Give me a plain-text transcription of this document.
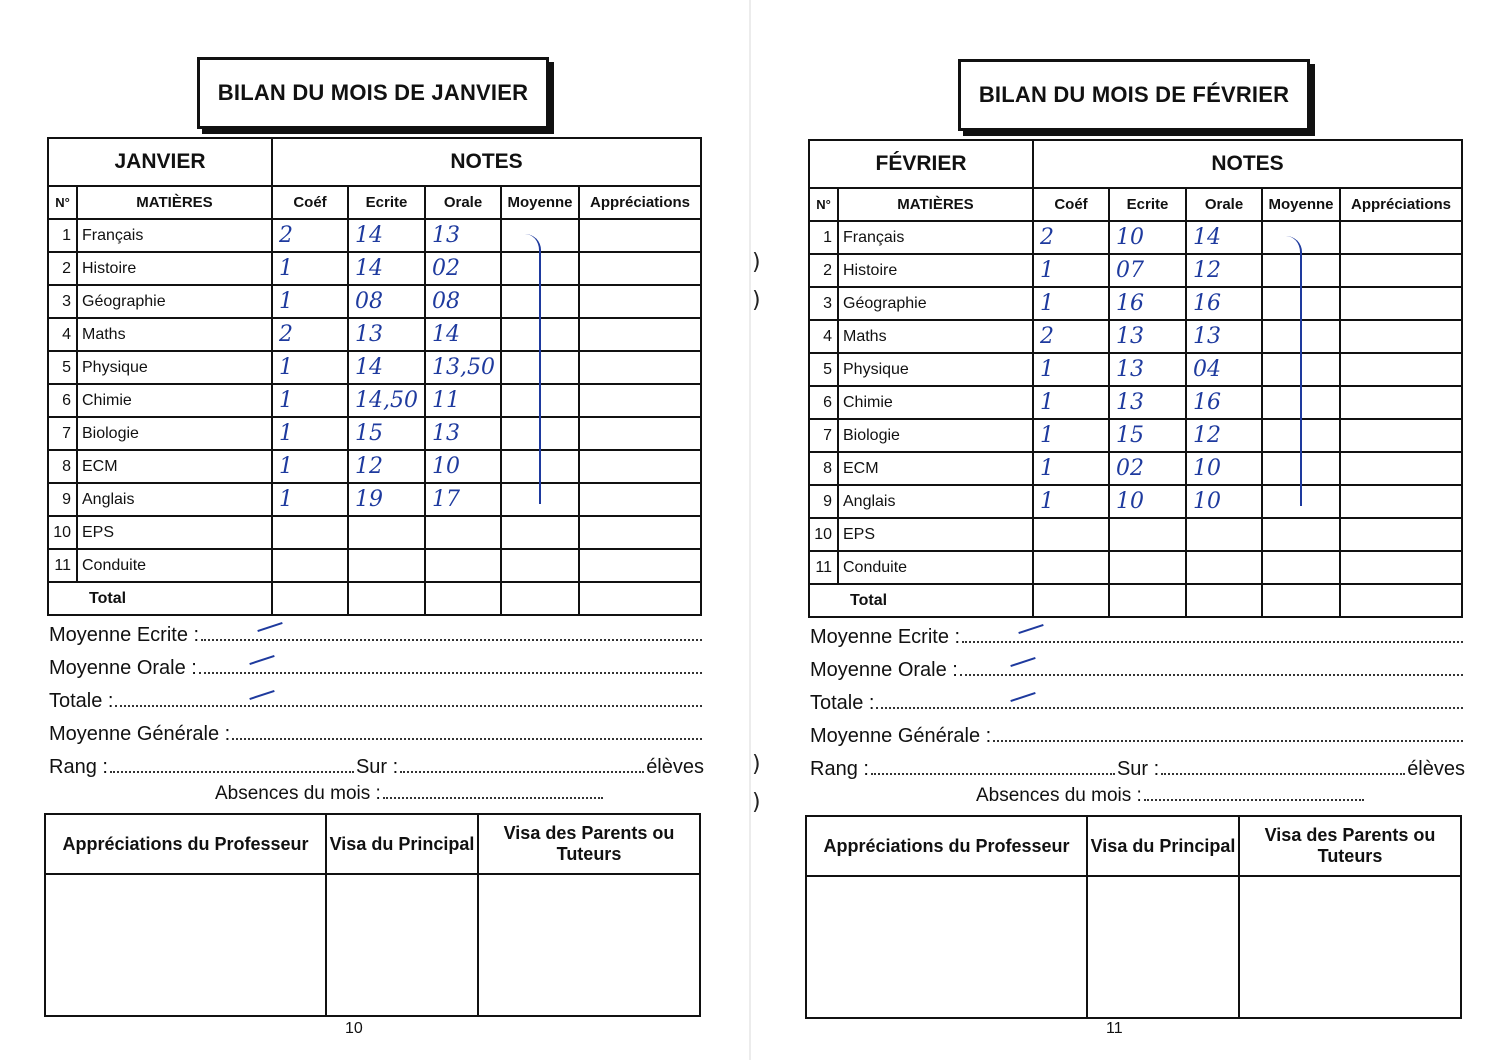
)
)
)
)
BILAN DU MOIS DE JANVIER
JANVIER		NOTES				
N°	MATIÈRES	Coéf	Ecrite	Orale	Moyenne	Appréciations
1	Français	2	14	13		
2	Histoire	1	14	02		
3	Géographie	1	08	08		
4	Maths	2	13	14		
5	Physique	1	14	13,50		
6	Chimie	1	14,50	11		
7	Biologie	1	15	13		
8	ECM	1	12	10		
9	Anglais	1	19	17		
10	EPS					
11	Conduite					
Total						
Moyenne Ecrite :
Moyenne Orale :
Totale :
Moyenne Générale :
Rang :	Sur :	élèves
Absences du mois :
Appréciations du Professeur	Visa du Principal	Visa des Parents ou Tuteurs

10
BILAN DU MOIS DE FÉVRIER
FÉVRIER		NOTES				
N°	MATIÈRES	Coéf	Ecrite	Orale	Moyenne	Appréciations
1	Français	2	10	14		
2	Histoire	1	07	12		
3	Géographie	1	16	16		
4	Maths	2	13	13		
5	Physique	1	13	04		
6	Chimie	1	13	16		
7	Biologie	1	15	12		
8	ECM	1	02	10		
9	Anglais	1	10	10		
10	EPS					
11	Conduite					
Total						
Moyenne Ecrite :
Moyenne Orale :
Totale :
Moyenne Générale :
Rang :	Sur :	élèves
Absences du mois :
Appréciations du Professeur	Visa du Principal	Visa des Parents ou Tuteurs

11
